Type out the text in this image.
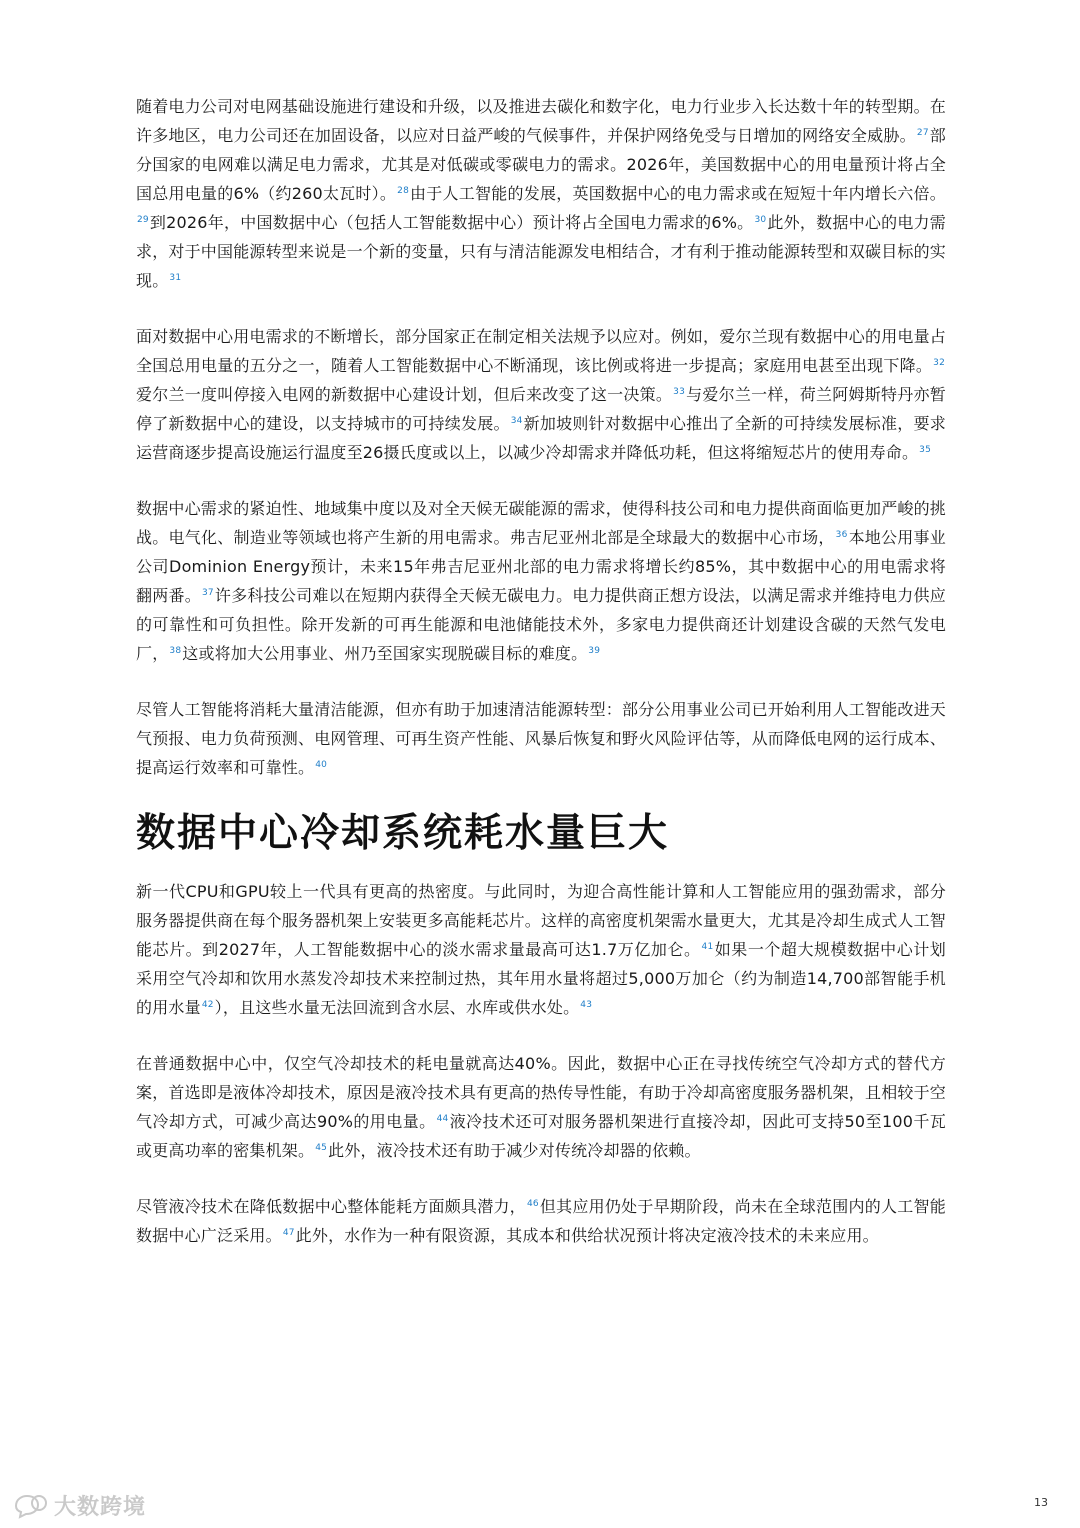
随着电力公司对电网基础设施进行建设和升级，以及推进去碳化和数字化，电力行业步入长达数十年的转型期。在许多地区，电力公司还在加固设备，以应对日益严峻的气候事件，并保护网络免受与日增加的网络安全威胁。$^{27}$部分国家的电网难以满足电力需求，尤其是对低碳或零碳电力的需求。2026年，美国数据中心的用电量预计将占全国总用电量的6%（约260太瓦时）。$^{28}$由于人工智能的发展，英国数据中心的电力需求或在短短十年内增长六倍。$^{29}$到2026年，中国数据中心（包括人工智能数据中心）预计将占全国电力需求的6%。$^{30}$此外，数据中心的电力需求，对于中国能源转型来说是一个新的变量，只有与清洁能源发电相结合，才有利于推动能源转型和双碳目标的实现。$^{31}$

面对数据中心用电需求的不断增长，部分国家正在制定相关法规予以应对。例如，爱尔兰现有数据中心的用电量占全国总用电量的五分之一，随着人工智能数据中心不断涌现，该比例或将进一步提高；家庭用电甚至出现下降。$^{32}$爱尔兰一度叫停接入电网的新数据中心建设计划，但后来改变了这一决策。$^{33}$与爱尔兰一样，荷兰阿姆斯特丹亦暂停了新数据中心的建设，以支持城市的可持续发展。$^{34}$新加坡则针对数据中心推出了全新的可持续发展标准，要求运营商逐步提高设施运行温度至26摄氏度或以上，以减少冷却需求并降低功耗，但这将缩短芯片的使用寿命。$^{35}$

数据中心需求的紧迫性、地域集中度以及对全天候无碳能源的需求，使得科技公司和电力提供商面临更加严峻的挑战。电气化、制造业等领域也将产生新的用电需求。弗吉尼亚州北部是全球最大的数据中心市场，$^{36}$本地公用事业公司Dominion Energy预计，未来15年弗吉尼亚州北部的电力需求将增长约85%，其中数据中心的用电需求将翻两番。$^{37}$许多科技公司难以在短期内获得全天候无碳电力。电力提供商正想方设法，以满足需求并维持电力供应的可靠性和可负担性。除开发新的可再生能源和电池储能技术外，多家电力提供商还计划建设含碳的天然气发电厂，$^{38}$这或将加大公用事业、州乃至国家实现脱碳目标的难度。$^{39}$

尽管人工智能将消耗大量清洁能源，但亦有助于加速清洁能源转型：部分公用事业公司已开始利用人工智能改进天气预报、电力负荷预测、电网管理、可再生资产性能、风暴后恢复和野火风险评估等，从而降低电网的运行成本、提高运行效率和可靠性。$^{40}$

数据中心冷却系统耗水量巨大

新一代CPU和GPU较上一代具有更高的热密度。与此同时，为迎合高性能计算和人工智能应用的强劲需求，部分服务器提供商在每个服务器机架上安装更多高能耗芯片。这样的高密度机架需水量更大，尤其是冷却生成式人工智能芯片。到2027年，人工智能数据中心的淡水需求量最高可达1.7万亿加仑。$^{41}$如果一个超大规模数据中心计划采用空气冷却和饮用水蒸发冷却技术来控制过热，其年用水量将超过5,000万加仑（约为制造14,700部智能手机的用水量$^{42}$），且这些水量无法回流到含水层、水库或供水处。$^{43}$

在普通数据中心中，仅空气冷却技术的耗电量就高达40%。因此，数据中心正在寻找传统空气冷却方式的替代方案，首选即是液体冷却技术，原因是液冷技术具有更高的热传导性能，有助于冷却高密度服务器机架，且相较于空气冷却方式，可减少高达90%的用电量。$^{44}$液冷技术还可对服务器机架进行直接冷却，因此可支持50至100千瓦或更高功率的密集机架。$^{45}$此外，液冷技术还有助于减少对传统冷却器的依赖。

尽管液冷技术在降低数据中心整体能耗方面颇具潜力，$^{46}$但其应用仍处于早期阶段，尚未在全球范围内的人工智能数据中心广泛采用。$^{47}$此外，水作为一种有限资源，其成本和供给状况预计将决定液冷技术的未来应用。

大数跨境	13
